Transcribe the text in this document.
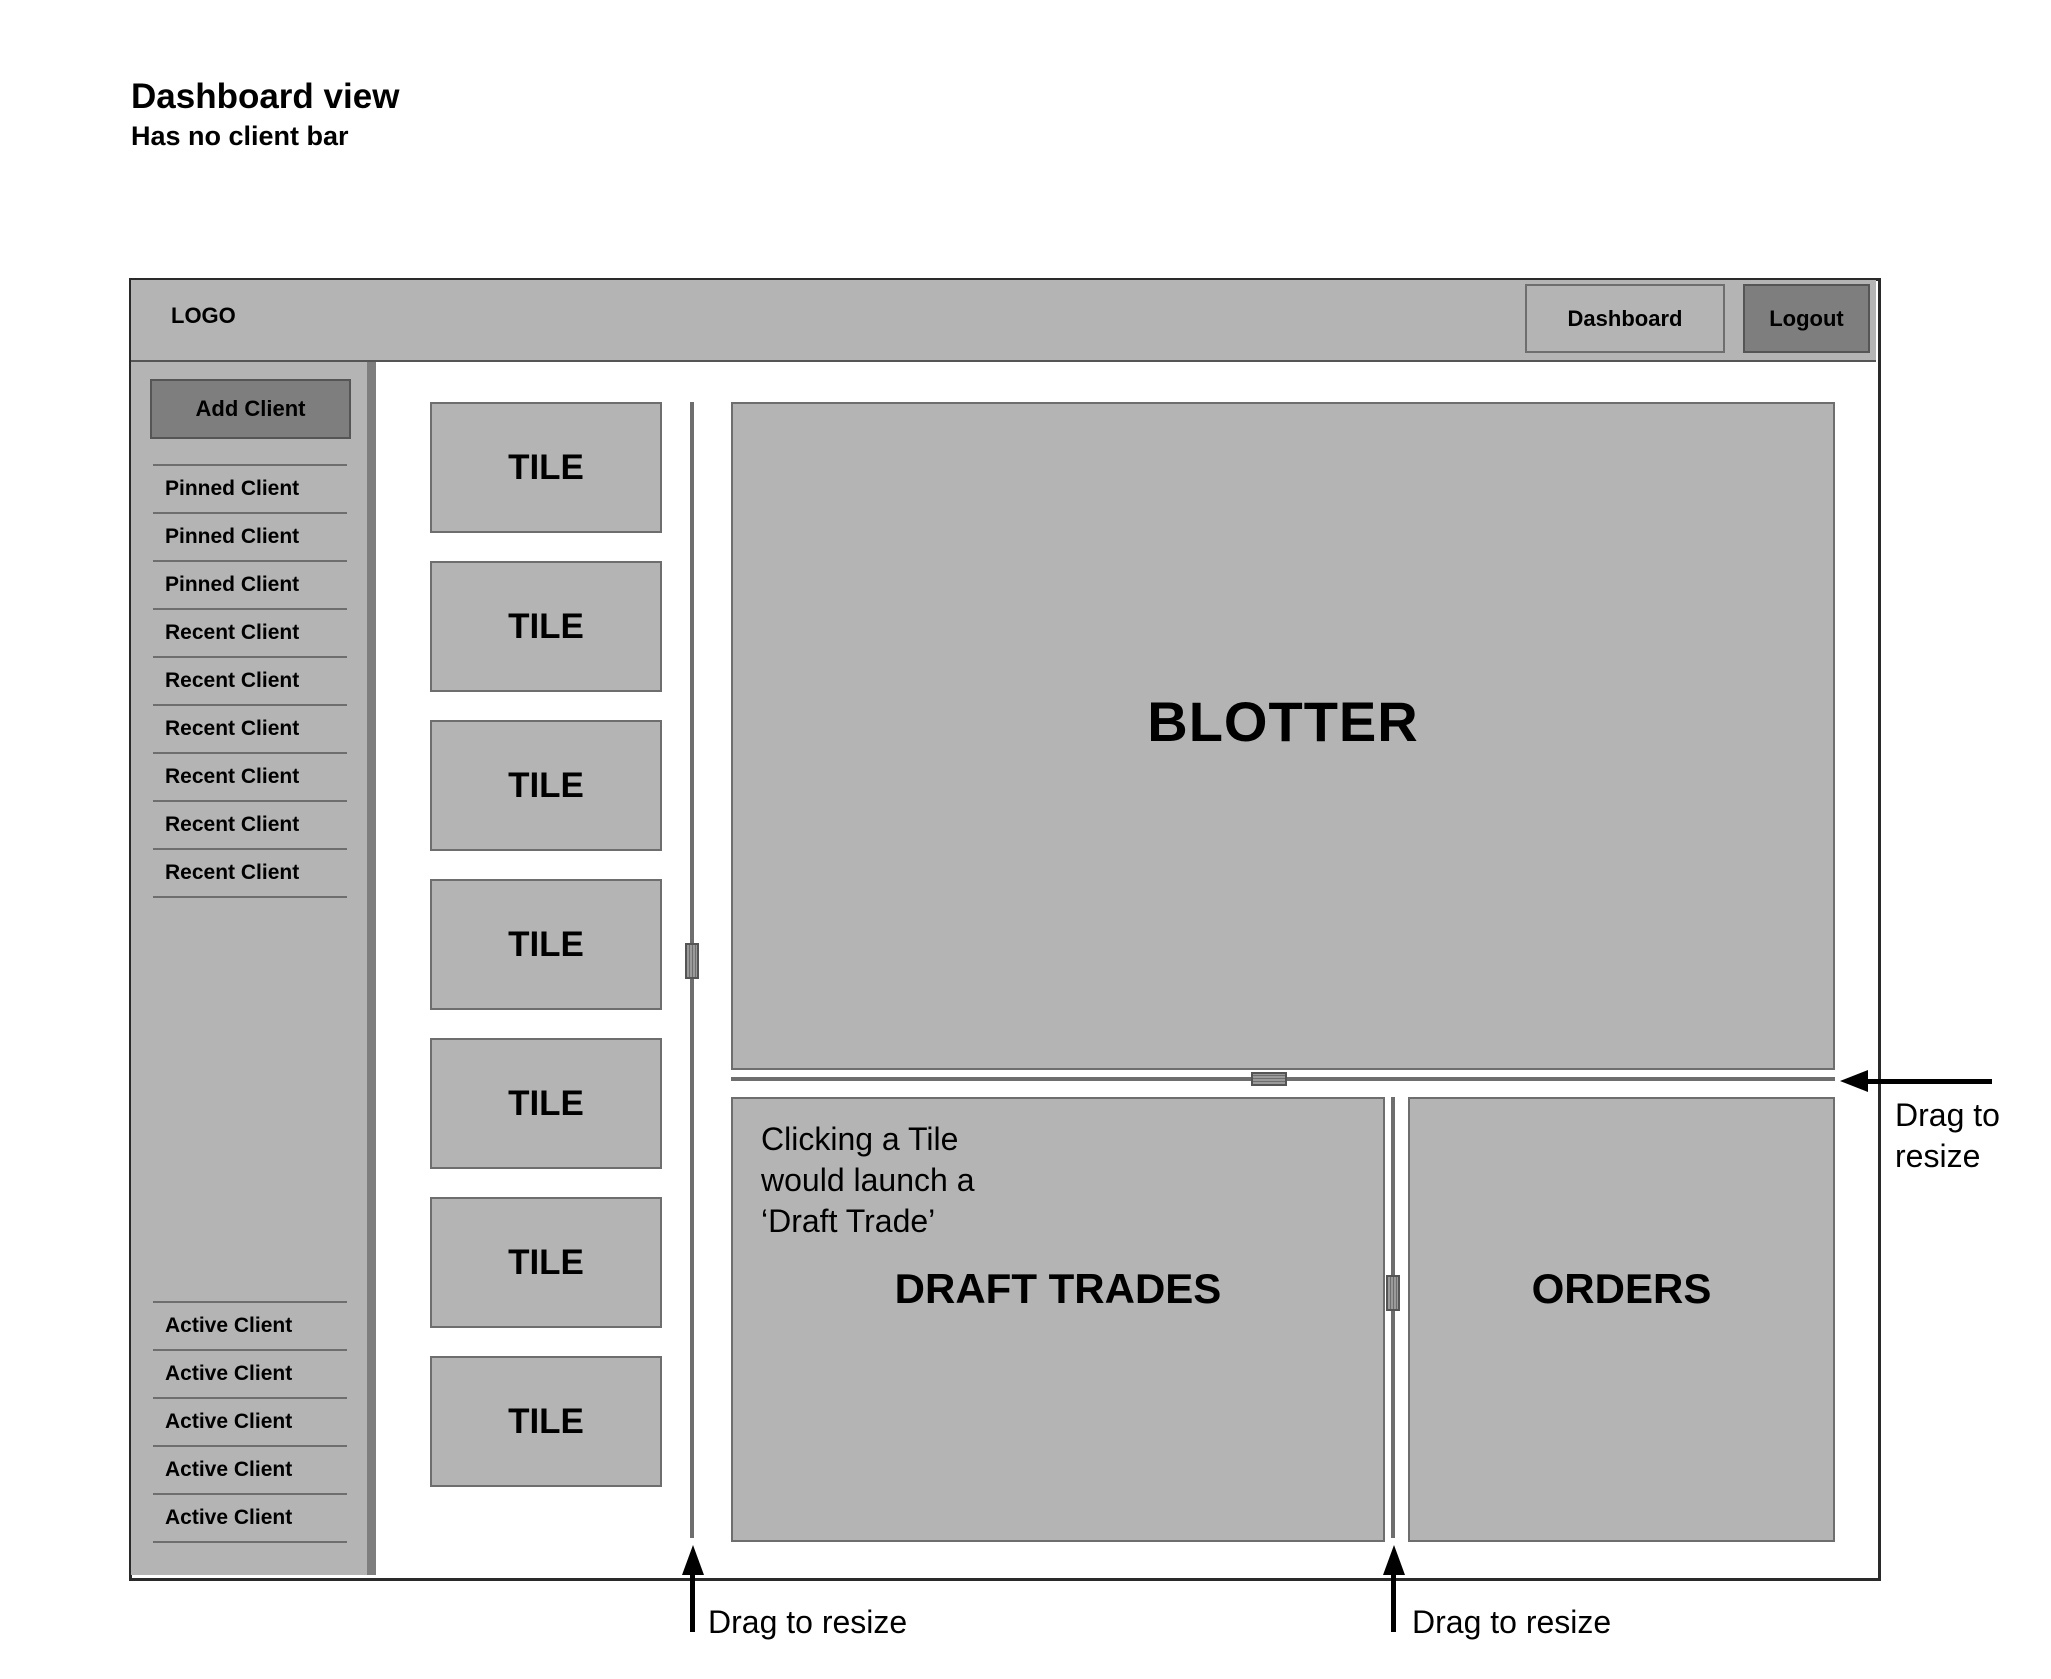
Dashboard view
Has no client bar
LOGO	Dashboard	Logout
Add Client
Pinned Client
Pinned Client
Pinned Client
Recent Client
Recent Client
Recent Client
Recent Client
Recent Client
Recent Client
Active Client
Active Client
Active Client
Active Client
Active Client
TILE
TILE
TILE
TILE
TILE
TILE
TILE
BLOTTER
Clicking a Tile
would launch a
‘Draft Trade’
DRAFT TRADES	ORDERS
Drag to
resize
Drag to resize	Drag to resize
